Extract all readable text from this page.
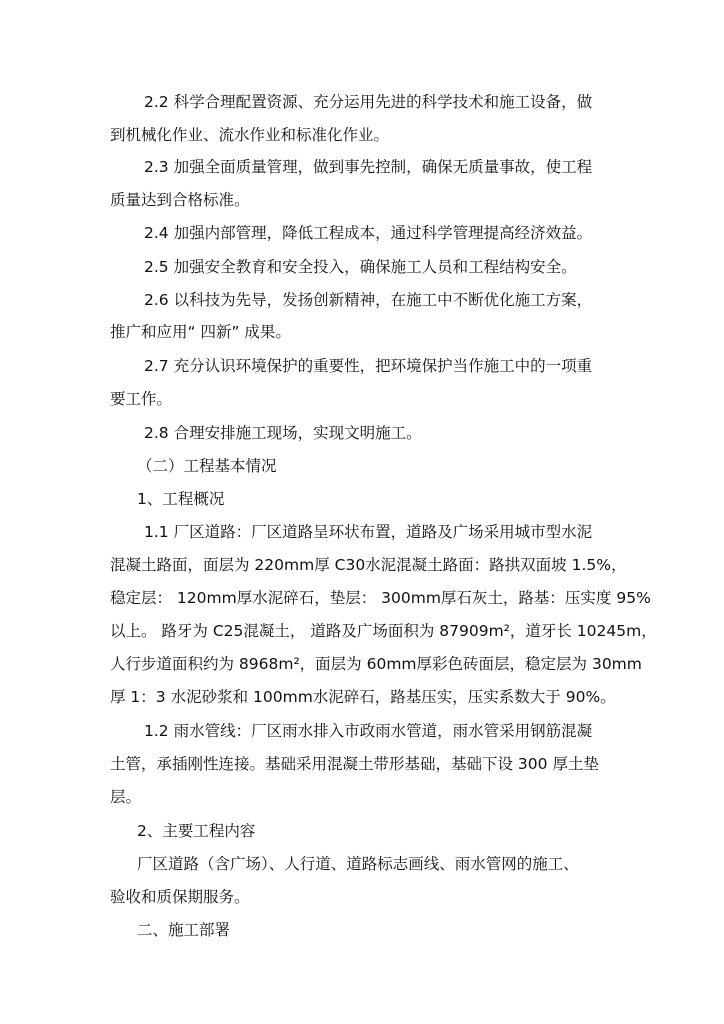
2.2 科学合理配置资源、充分运用先进的科学技术和施工设备，做
到机械化作业、流水作业和标准化作业。
2.3 加强全面质量管理，做到事先控制，确保无质量事故，使工程
质量达到合格标准。
2.4 加强内部管理，降低工程成本，通过科学管理提高经济效益。
2.5 加强安全教育和安全投入，确保施工人员和工程结构安全。
2.6 以科技为先导，发扬创新精神，在施工中不断优化施工方案，
推广和应用“ 四新” 成果。
2.7 充分认识环境保护的重要性，把环境保护当作施工中的一项重
要工作。
2.8 合理安排施工现场，实现文明施工。
（二）工程基本情况
1、工程概况
1.1 厂区道路：厂区道路呈环状布置，道路及广场采用城市型水泥
混凝土路面，面层为 220mm厚 C30水泥混凝土路面：路拱双面坡 1.5%，
稳定层： 120mm厚水泥碎石，垫层： 300mm厚石灰土，路基：压实度 95%
以上。 路牙为 C25混凝土， 道路及广场面积为 87909m²，道牙长 10245m，
人行步道面积约为 8968m²，面层为 60mm厚彩色砖面层，稳定层为 30mm
厚 1：3 水泥砂浆和 100mm水泥碎石，路基压实，压实系数大于 90%。
1.2 雨水管线：厂区雨水排入市政雨水管道，雨水管采用钢筋混凝
土管，承插刚性连接。基础采用混凝土带形基础，基础下设 300 厚土垫
层。
2、主要工程内容
厂区道路（含广场）、人行道、道路标志画线、雨水管网的施工、
验收和质保期服务。
二、施工部署
